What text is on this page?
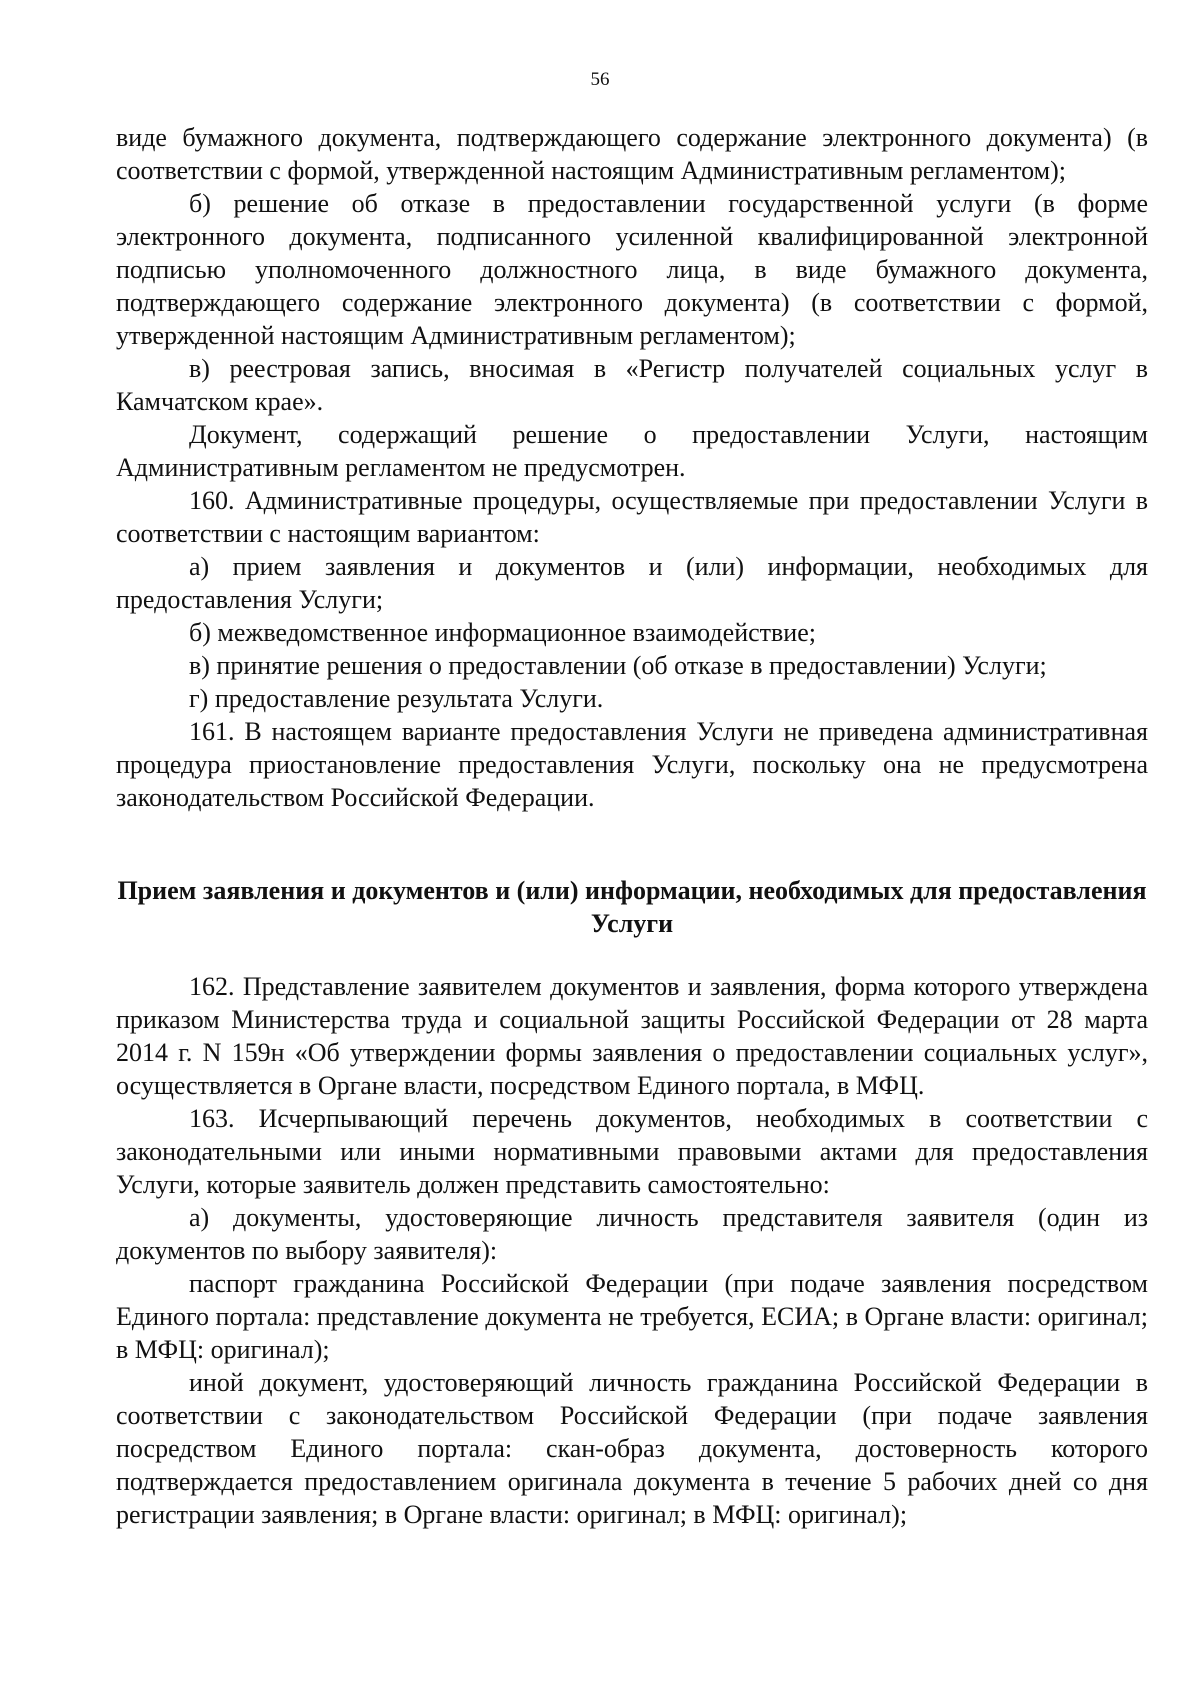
56

виде бумажного документа, подтверждающего содержание электронного документа) (в соответствии с формой, утвержденной настоящим Административным регламентом);

б) решение об отказе в предоставлении государственной услуги (в форме электронного документа, подписанного усиленной квалифицированной электронной подписью уполномоченного должностного лица, в виде бумажного документа, подтверждающего содержание электронного документа) (в соответствии с формой, утвержденной настоящим Административным регламентом);

в) реестровая запись, вносимая в «Регистр получателей социальных услуг в Камчатском крае».

Документ, содержащий решение о предоставлении Услуги, настоящим Административным регламентом не предусмотрен.

160. Административные процедуры, осуществляемые при предоставлении Услуги в соответствии с настоящим вариантом:

а) прием заявления и документов и (или) информации, необходимых для предоставления Услуги;

б) межведомственное информационное взаимодействие;

в) принятие решения о предоставлении (об отказе в предоставлении) Услуги;

г) предоставление результата Услуги.

161. В настоящем варианте предоставления Услуги не приведена административная процедура приостановление предоставления Услуги, поскольку она не предусмотрена законодательством Российской Федерации.

Прием заявления и документов и (или) информации, необходимых для предоставления Услуги

162. Представление заявителем документов и заявления, форма которого утверждена приказом Министерства труда и социальной защиты Российской Федерации от 28 марта 2014 г. N 159н «Об утверждении формы заявления о предоставлении социальных услуг», осуществляется в Органе власти, посредством Единого портала, в МФЦ.

163. Исчерпывающий перечень документов, необходимых в соответствии с законодательными или иными нормативными правовыми актами для предоставления Услуги, которые заявитель должен представить самостоятельно:

а) документы, удостоверяющие личность представителя заявителя (один из документов по выбору заявителя):

паспорт гражданина Российской Федерации (при подаче заявления посредством Единого портала: представление документа не требуется, ЕСИА; в Органе власти: оригинал; в МФЦ: оригинал);

иной документ, удостоверяющий личность гражданина Российской Федерации в соответствии с законодательством Российской Федерации (при подаче заявления посредством Единого портала: скан-образ документа, достоверность которого подтверждается предоставлением оригинала документа в течение 5 рабочих дней со дня регистрации заявления; в Органе власти: оригинал; в МФЦ: оригинал);
